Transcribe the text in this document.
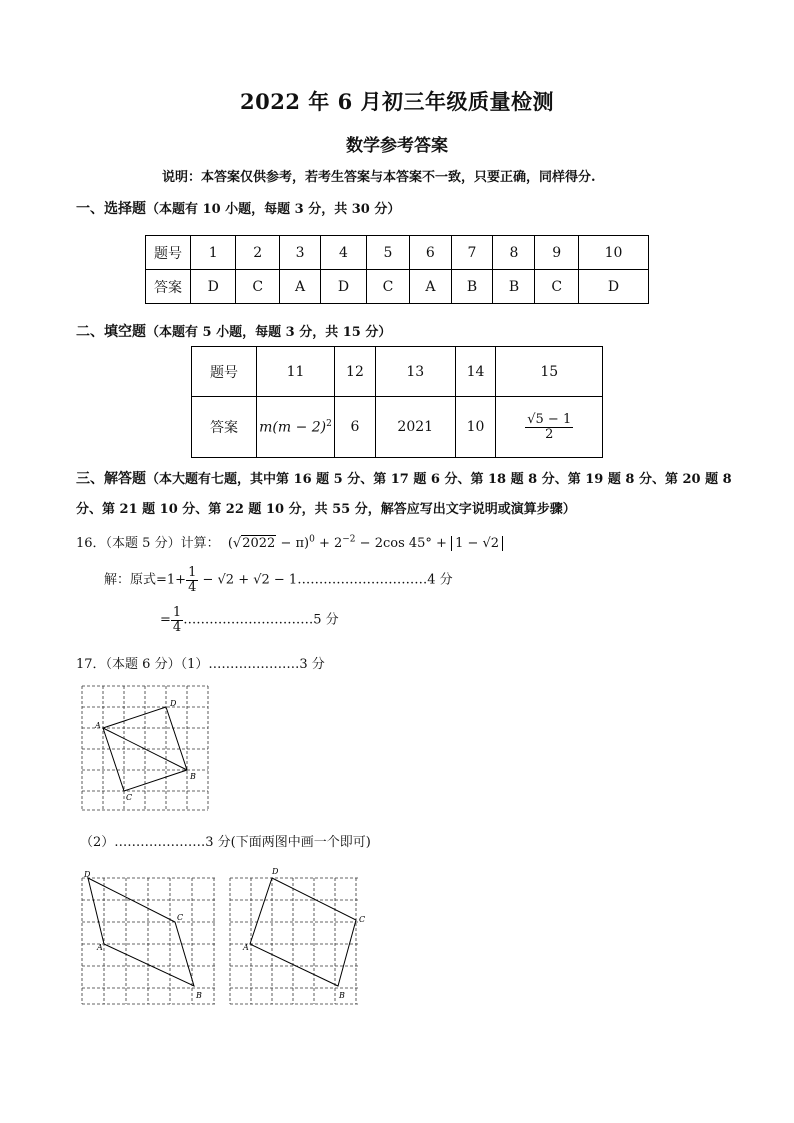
2022 年 6 月初三年级质量检测
数学参考答案
说明：本答案仅供参考，若考生答案与本答案不一致，只要正确，同样得分.
一、选择题（本题有 10 小题，每题 3 分，共 30 分）
题号	1	2	3	4	5	6	7	8	9	10
答案	D	C	A	D	C	A	B	B	C	D
二、填空题（本题有 5 小题，每题 3 分，共 15 分）
题号	11	12	13	14	15
答案	$m(m - 2)^2$	6	2021	10	$\frac{√5 - 1}{2}$
三、解答题（本大题有七题，其中第 16 题 5 分、第 17 题 6 分、第 18 题 8 分、第 19 题 8 分、第 20 题 8
分、第 21 题 10 分、第 22 题 10 分，共 55 分，解答应写出文字说明或演算步骤）
16．（本题 5 分）计算： $(√2022 - \pi)^0 + 2^{-2} - 2\cos$ 45° + 1 − √2
解：原式$=1+ \frac{1}{4} - √2 + √2$ − 1…………………………4 分
= $\frac{1}{4}$ …………………………5 分
17．（本题 6 分）（1）…………………3 分
A
B
C
D
（2）…………………3 分(下面两图中画一个即可)
D
A
C
B
D
A
C
B
